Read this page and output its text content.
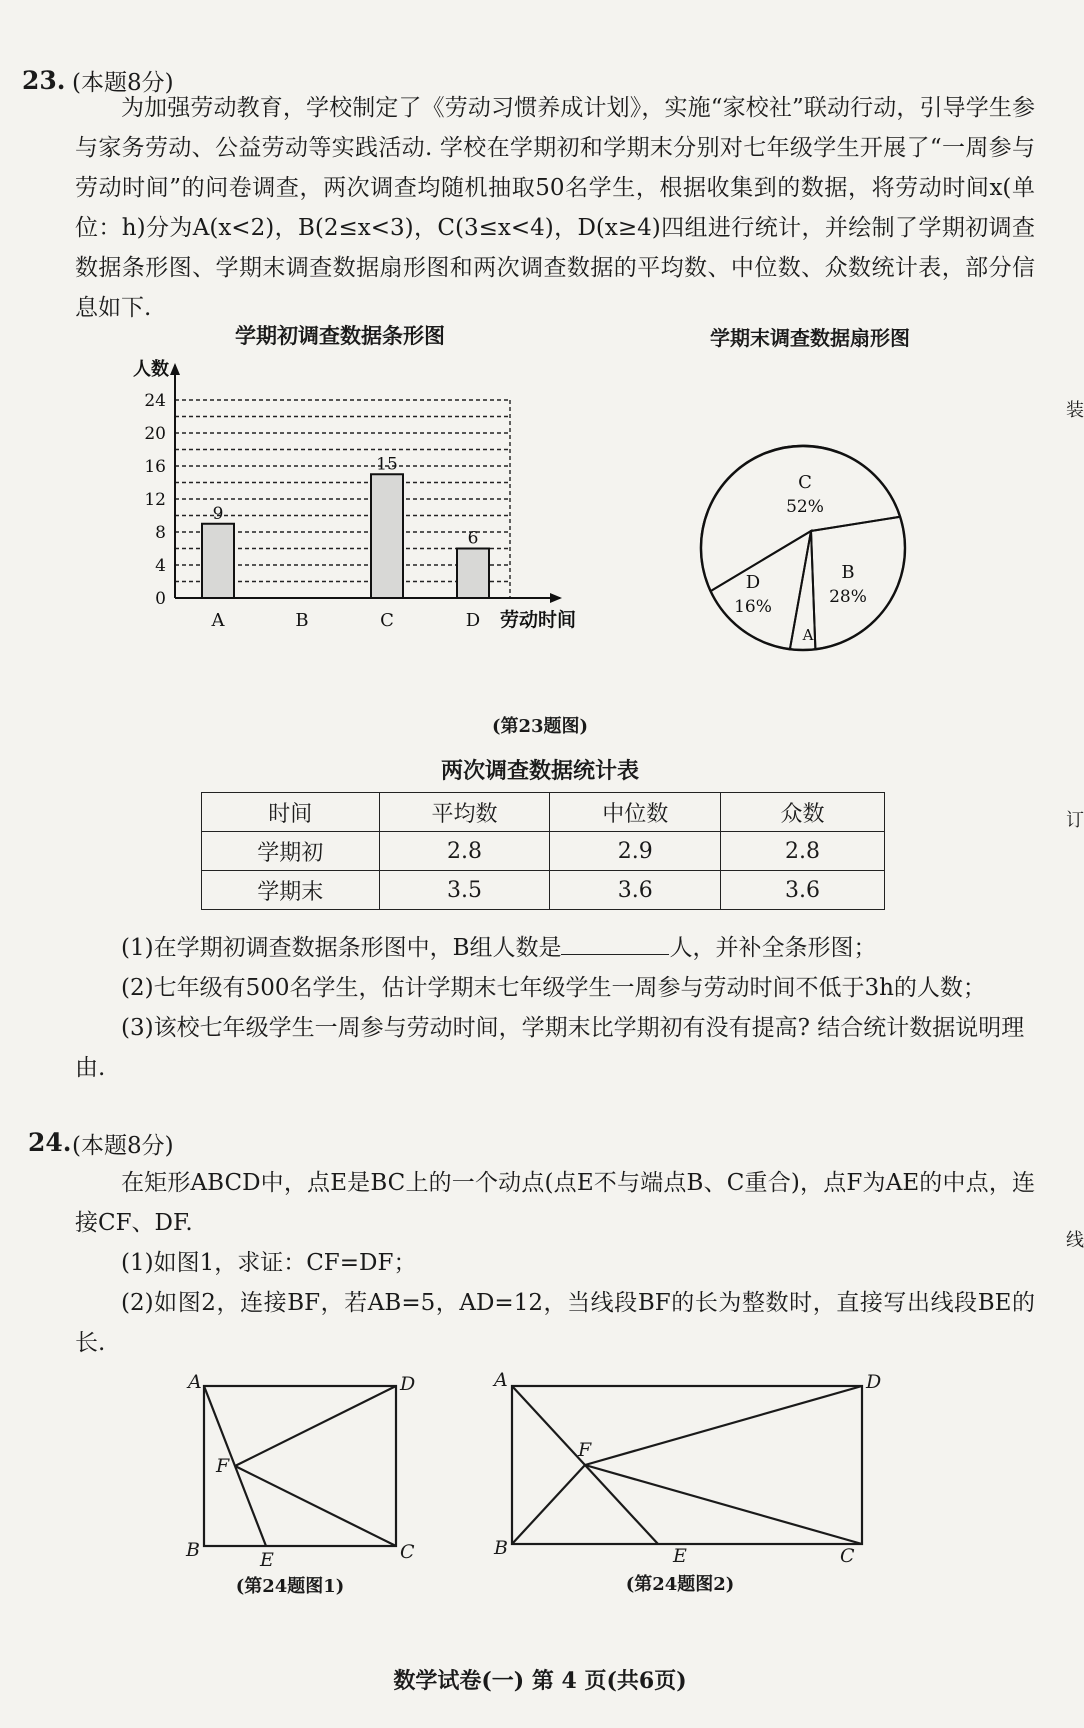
23. (本题8分)

为加强劳动教育，学校制定了《劳动习惯养成计划》，实施“家校社”联动行动，引导学生参与家务劳动、公益劳动等实践活动. 学校在学期初和学期末分别对七年级学生开展了“一周参与劳动时间”的问卷调查，两次调查均随机抽取50名学生，根据收集到的数据，将劳动时间x(单位：h)分为A(x<2)，B(2≤x<3)，C(3≤x<4)，D(x≥4)四组进行统计，并绘制了学期初调查数据条形图、学期末调查数据扇形图和两次调查数据的平均数、中位数、众数统计表，部分信息如下.

学期初调查数据条形图
0
4
8
12
16
20
24
人数
9
A	B
15
C
6
D 劳动时间
学期末调查数据扇形图
C
52%
B
28%
A
D
16%
(第23题图)
两次调查数据统计表
时间	平均数	中位数	众数
学期初	2.8	2.9	2.8
学期末	3.5	3.6	3.6
(1)在学期初调查数据条形图中，B组人数是	人，并补全条形图；
(2)七年级有500名学生，估计学期末七年级学生一周参与劳动时间不低于3h的人数；
(3)该校七年级学生一周参与劳动时间，学期末比学期初有没有提高? 结合统计数据说明理由.
24. (本题8分)

在矩形ABCD中，点E是BC上的一个动点(点E不与端点B、C重合)，点F为AE的中点，连接CF、DF.

(1)如图1，求证：CF=DF；
(2)如图2，连接BF，若AB=5，AD=12，当线段BF的长为整数时，直接写出线段BE的长.
A	D
B	C
E
F
(第24题图1)
A	D
B	C
E
F
(第24题图2)
数学试卷(一) 第 4 页(共6页)
装
订
线
